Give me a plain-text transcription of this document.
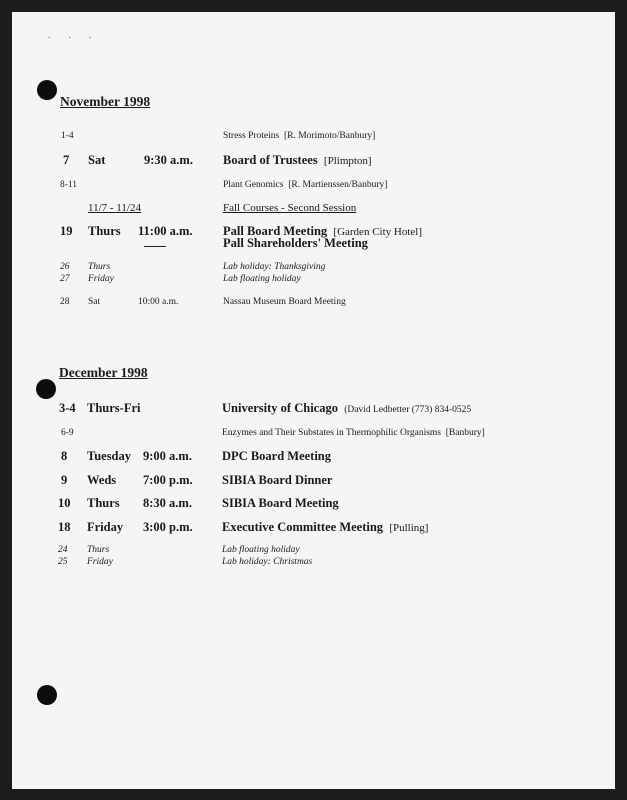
. . .
November 1998
1-4	Stress Proteins [R. Morimoto/Banbury]
7 Sat	9:30 a.m. Board of Trustees [Plimpton]
8-11	Plant Genomics [R. Martienssen/Banbury]
11/7 - 11/24	Fall Courses - Second Session
19 Thurs 11:00 a.m. Pall Board Meeting [Garden City Hotel]
Pall Shareholders' Meeting
26 Thurs	Lab holiday: Thanksgiving
27 Friday	Lab floating holiday
28 Sat	10:00 a.m.	Nassau Museum Board Meeting
December 1998
3-4 Thurs-Fri	University of Chicago (David Ledbetter (773) 834-0525
6-9	Enzymes and Their Substates in Thermophilic Organisms [Banbury]
8 Tuesday 9:00 a.m. DPC Board Meeting
9 Weds 7:00 p.m. SIBIA Board Dinner
10 Thurs 8:30 a.m. SIBIA Board Meeting
18 Friday 3:00 p.m. Executive Committee Meeting [Pulling]
24 Thurs	Lab floating holiday
25 Friday	Lab holiday: Christmas
